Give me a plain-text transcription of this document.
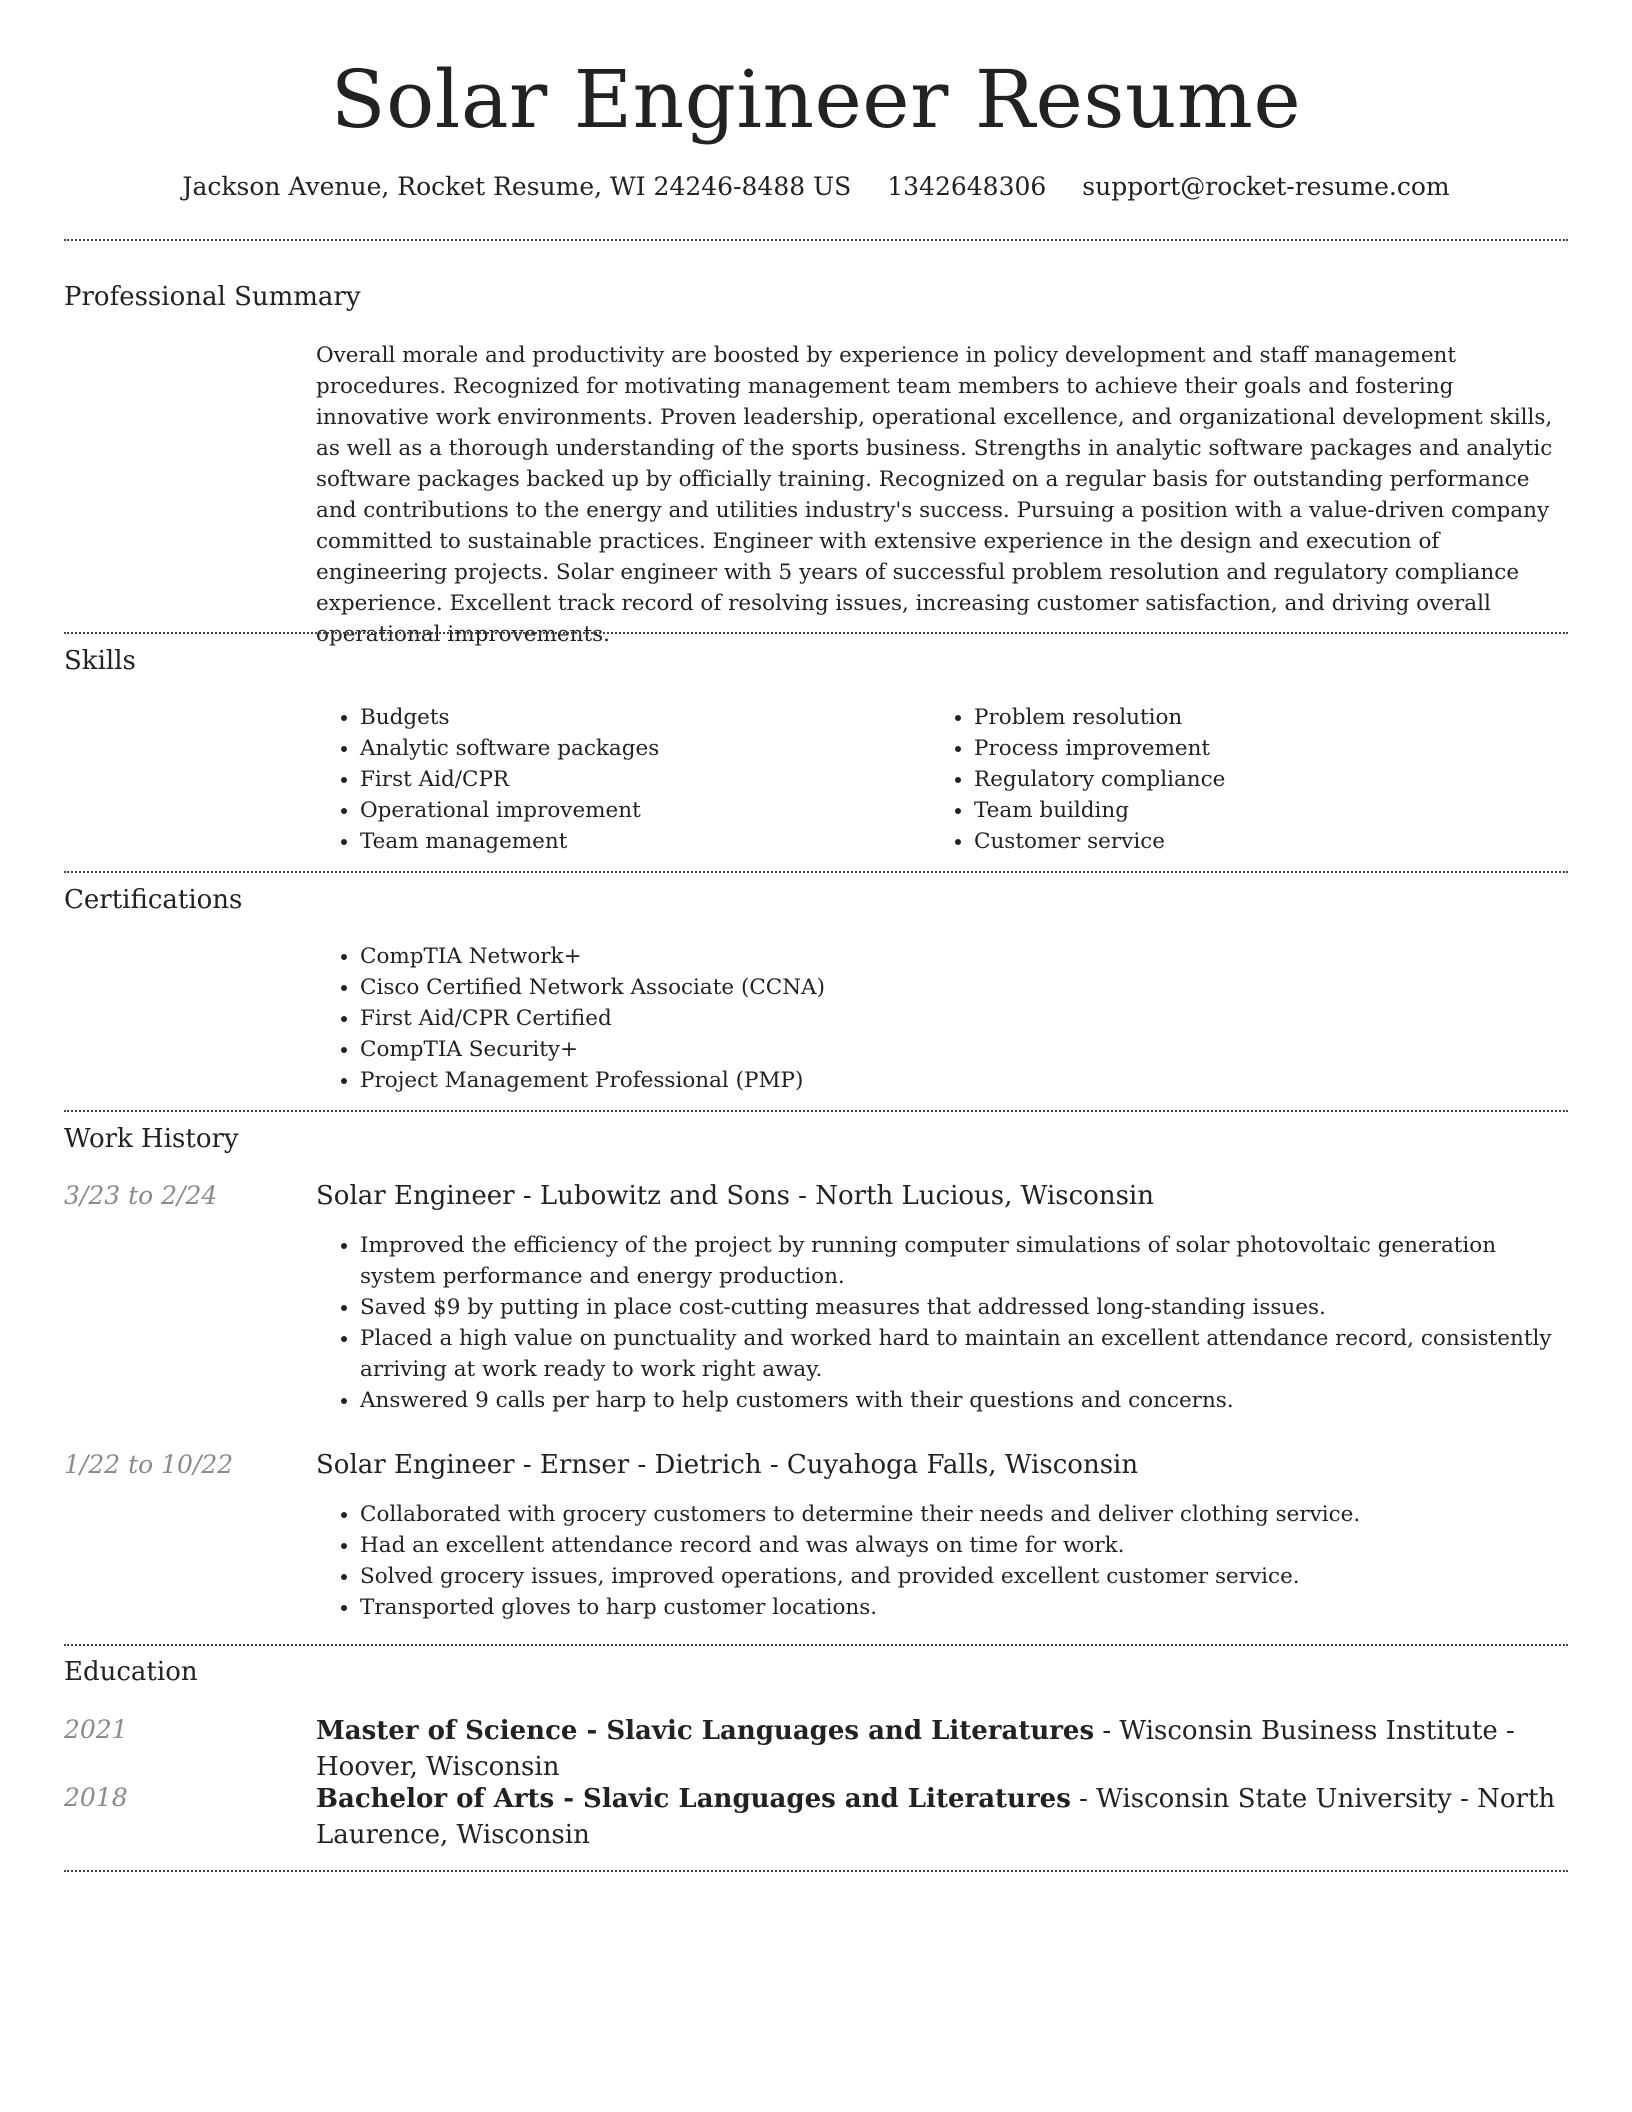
Solar Engineer Resume
Jackson Avenue, Rocket Resume, WI 24246-8488 US 1342648306 support@rocket-resume.com
Professional Summary
Overall morale and productivity are boosted by experience in policy development and staff management procedures. Recognized for motivating management team members to achieve their goals and fostering innovative work environments. Proven leadership, operational excellence, and organizational development skills, as well as a thorough understanding of the sports business. Strengths in analytic software packages and analytic software packages backed up by officially training. Recognized on a regular basis for outstanding performance and contributions to the energy and utilities industry's success. Pursuing a position with a value-driven company committed to sustainable practices. Engineer with extensive experience in the design and execution of engineering projects. Solar engineer with 5 years of successful problem resolution and regulatory compliance experience. Excellent track record of resolving issues, increasing customer satisfaction, and driving overall operational improvements.
Skills
• Budgets
• Analytic software packages
• First Aid/CPR
• Operational improvement
• Team management
• Problem resolution
• Process improvement
• Regulatory compliance
• Team building
• Customer service
Certifications
• CompTIA Network+
• Cisco Certified Network Associate (CCNA)
• First Aid/CPR Certified
• CompTIA Security+
• Project Management Professional (PMP)
Work History
3/23 to 2/24	Solar Engineer - Lubowitz and Sons - North Lucious, Wisconsin
• Improved the efficiency of the project by running computer simulations of solar photovoltaic generation system performance and energy production.
• Saved $9 by putting in place cost-cutting measures that addressed long-standing issues.
• Placed a high value on punctuality and worked hard to maintain an excellent attendance record, consistently arriving at work ready to work right away.
• Answered 9 calls per harp to help customers with their questions and concerns.
1/22 to 10/22	Solar Engineer - Ernser - Dietrich - Cuyahoga Falls, Wisconsin
• Collaborated with grocery customers to determine their needs and deliver clothing service.
• Had an excellent attendance record and was always on time for work.
• Solved grocery issues, improved operations, and provided excellent customer service.
• Transported gloves to harp customer locations.
Education
2021	Master of Science - Slavic Languages and Literatures - Wisconsin Business Institute - Hoover, Wisconsin
2018	Bachelor of Arts - Slavic Languages and Literatures - Wisconsin State University - North Laurence, Wisconsin
